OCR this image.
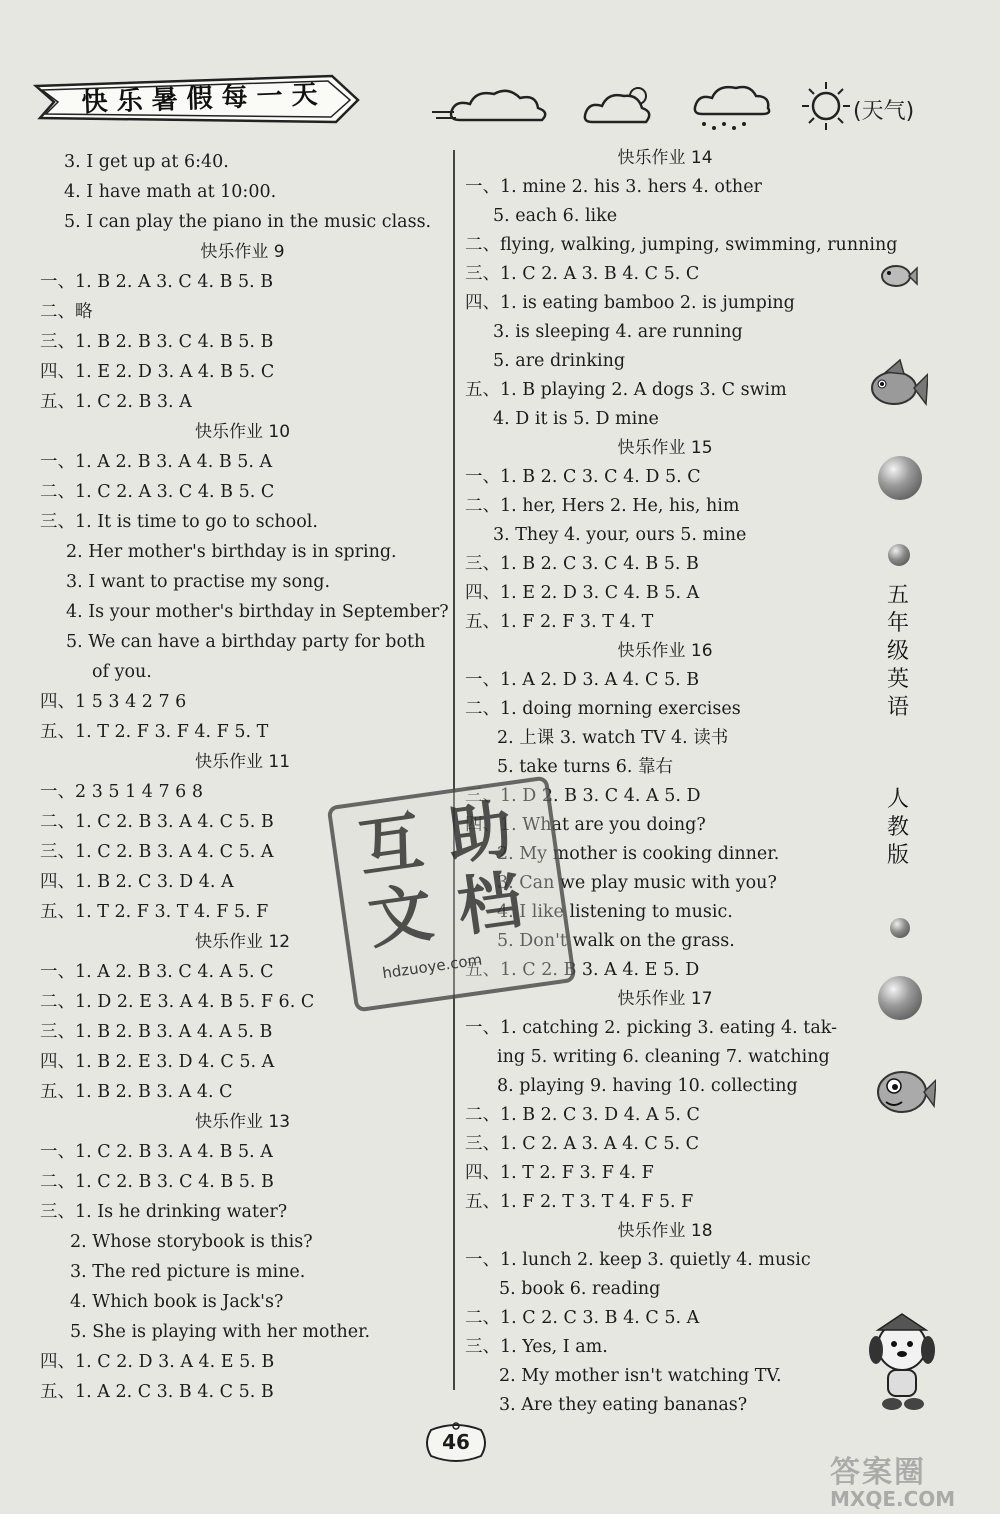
快乐暑假每一天	(天气)
3. I get up at 6:40.
4. I have math at 10:00.
5. I can play the piano in the music class.
快乐作业 9
一、1. B 2. A 3. C 4. B 5. B
二、略
三、1. B 2. B 3. C 4. B 5. B
四、1. E 2. D 3. A 4. B 5. C
五、1. C 2. B 3. A
快乐作业 10
一、1. A 2. B 3. A 4. B 5. A
二、1. C 2. A 3. C 4. B 5. C
三、1. It is time to go to school.
2. Her mother's birthday is in spring.
3. I want to practise my song.
4. Is your mother's birthday in September?
5. We can have a birthday party for both
of you.
四、1 5 3 4 2 7 6
五、1. T 2. F 3. F 4. F 5. T
快乐作业 11
一、2 3 5 1 4 7 6 8
二、1. C 2. B 3. A 4. C 5. B
三、1. C 2. B 3. A 4. C 5. A
四、1. B 2. C 3. D 4. A
五、1. T 2. F 3. T 4. F 5. F
快乐作业 12
一、1. A 2. B 3. C 4. A 5. C
二、1. D 2. E 3. A 4. B 5. F 6. C
三、1. B 2. B 3. A 4. A 5. B
四、1. B 2. E 3. D 4. C 5. A
五、1. B 2. B 3. A 4. C
快乐作业 13
一、1. C 2. B 3. A 4. B 5. A
二、1. C 2. B 3. C 4. B 5. B
三、1. Is he drinking water?
2. Whose storybook is this?
3. The red picture is mine.
4. Which book is Jack's?
5. She is playing with her mother.
四、1. C 2. D 3. A 4. E 5. B
五、1. A 2. C 3. B 4. C 5. B
快乐作业 14
一、1. mine 2. his 3. hers 4. other
5. each 6. like
二、flying, walking, jumping, swimming, running
三、1. C 2. A 3. B 4. C 5. C
四、1. is eating bamboo 2. is jumping
3. is sleeping 4. are running
5. are drinking
五、1. B playing 2. A dogs 3. C swim
4. D it is 5. D mine
快乐作业 15
一、1. B 2. C 3. C 4. D 5. C
二、1. her, Hers 2. He, his, him
3. They 4. your, ours 5. mine
三、1. B 2. C 3. C 4. B 5. B
四、1. E 2. D 3. C 4. B 5. A
五、1. F 2. F 3. T 4. T
快乐作业 16
一、1. A 2. D 3. A 4. C 5. B
二、1. doing morning exercises
2. 上课 3. watch TV 4. 读书
5. take turns 6. 靠右
三、1. D 2. B 3. C 4. A 5. D
四、1. What are you doing?
2. My mother is cooking dinner.
3. Can we play music with you?
4. I like listening to music.
5. Don't walk on the grass.
五、1. C 2. B 3. A 4. E 5. D
快乐作业 17
一、1. catching 2. picking 3. eating 4. tak-
ing 5. writing 6. cleaning 7. watching
8. playing 9. having 10. collecting
二、1. B 2. C 3. D 4. A 5. C
三、1. C 2. A 3. A 4. C 5. C
四、1. T 2. F 3. F 4. F
五、1. F 2. T 3. T 4. F 5. F
快乐作业 18
一、1. lunch 2. keep 3. quietly 4. music
5. book 6. reading
二、1. C 2. C 3. B 4. C 5. A
三、1. Yes, I am.
2. My mother isn't watching TV.
3. Are they eating bananas?
五
年
级
英
语
人
教
版
互 助
文 档
hdzuoye.com
46
答案圈
MXQE.COM
